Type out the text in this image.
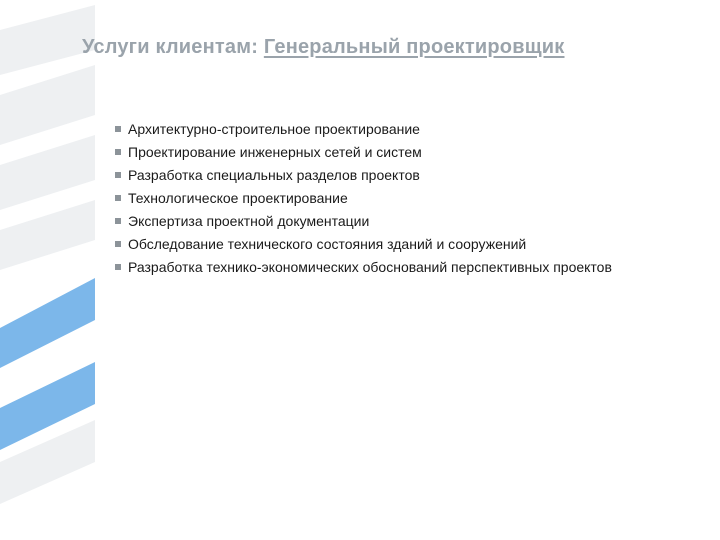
Услуги клиентам: Генеральный проектировщик
Архитектурно-строительное проектирование
Проектирование инженерных сетей и систем
Разработка специальных разделов проектов
Технологическое проектирование
Экспертиза проектной документации
Обследование технического состояния зданий и сооружений
Разработка технико-экономических обоснований перспективных проектов
